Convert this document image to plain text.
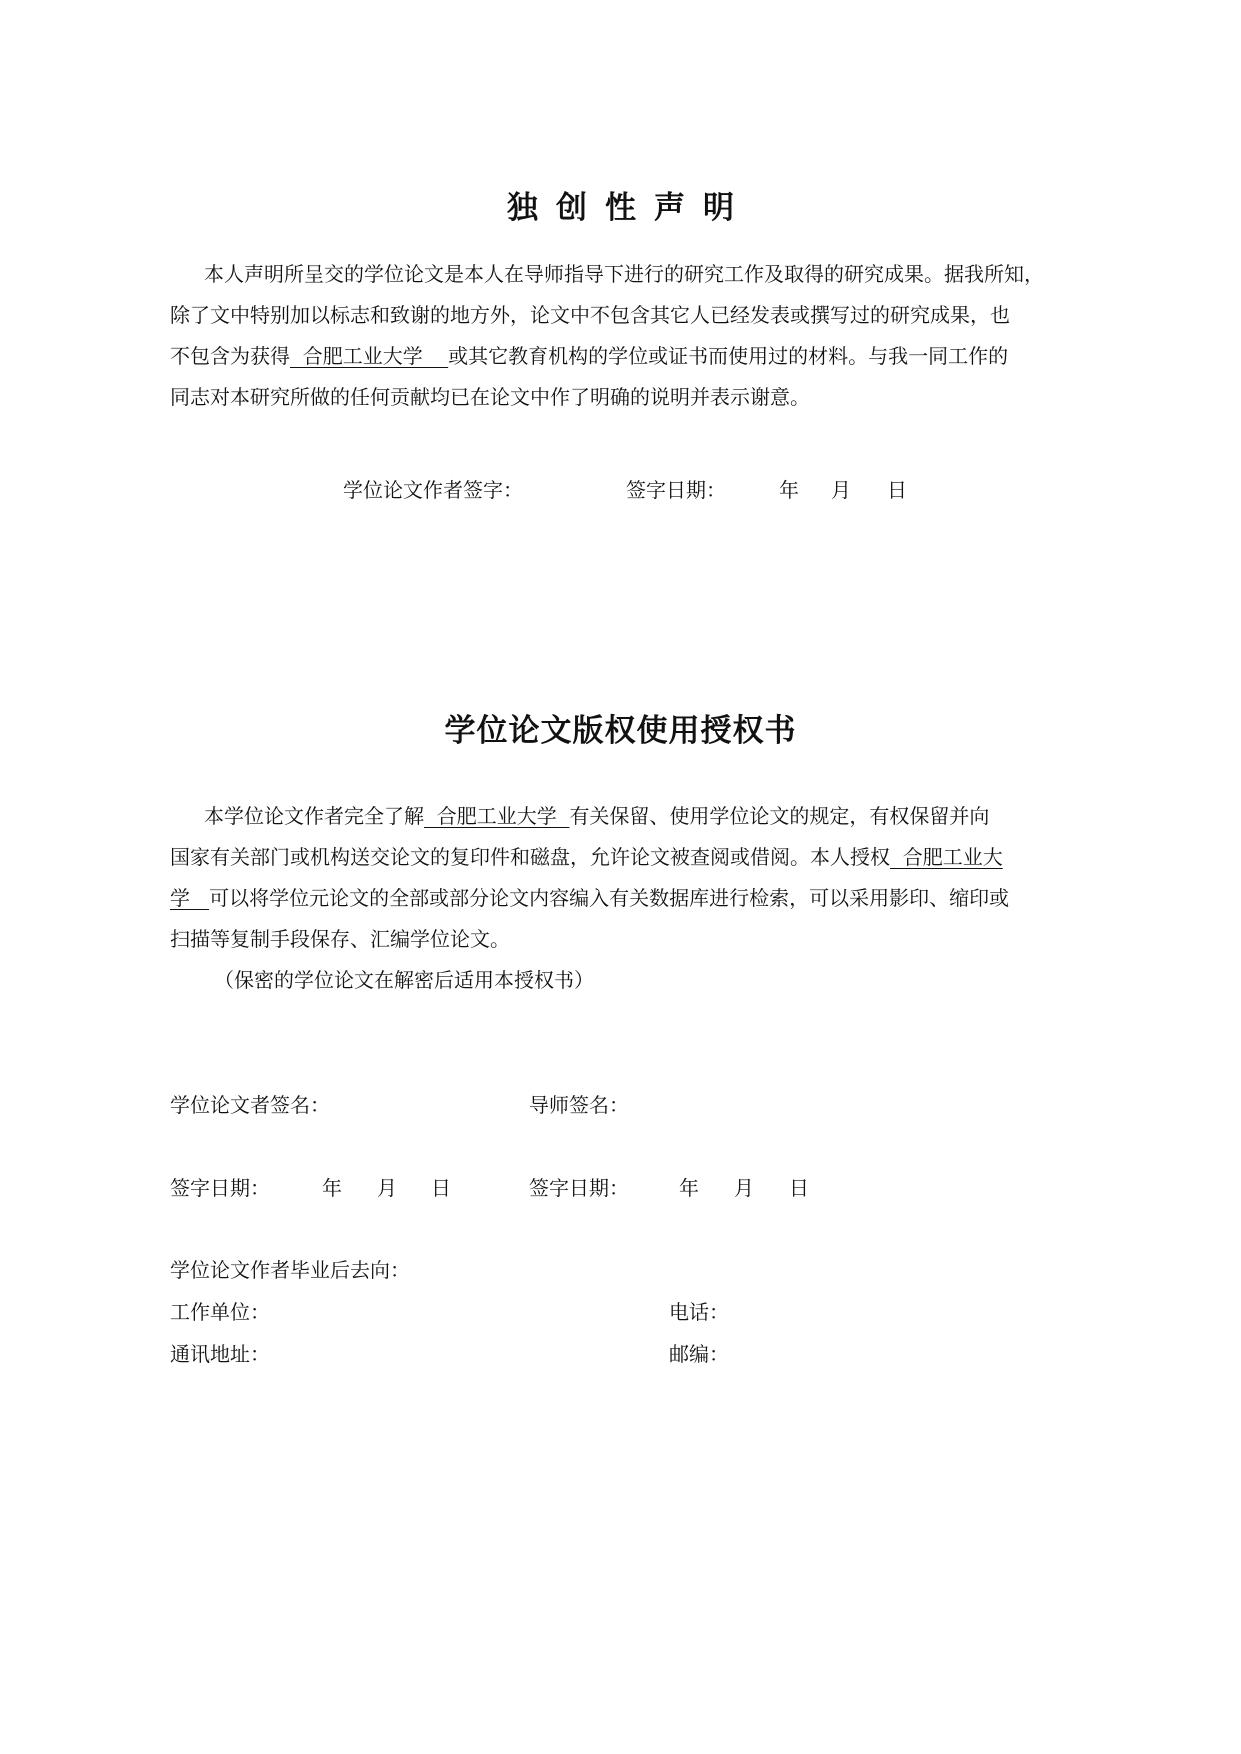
独创性声明
本人声明所呈交的学位论文是本人在导师指导下进行的研究工作及取得的研究成果。据我所知，
除了文中特别加以标志和致谢的地方外，论文中不包含其它人已经发表或撰写过的研究成果，也
不包含为获得  合肥工业大学    或其它教育机构的学位或证书而使用过的材料。与我一同工作的
同志对本研究所做的任何贡献均已在论文中作了明确的说明并表示谢意。
学位论文作者签字：	签字日期：	年 月 日
学位论文版权使用授权书
本学位论文作者完全了解  合肥工业大学  有关保留、使用学位论文的规定，有权保留并向
国家有关部门或机构送交论文的复印件和磁盘，允许论文被查阅或借阅。本人授权  合肥工业大
学   可以将学位元论文的全部或部分论文内容编入有关数据库进行检索，可以采用影印、缩印或
扫描等复制手段保存、汇编学位论文。
（保密的学位论文在解密后适用本授权书）
学位论文者签名：	导师签名：
签字日期：	年 月 日	签字日期：	年 月 日
学位论文作者毕业后去向：
工作单位：	电话：
通讯地址：	邮编：
